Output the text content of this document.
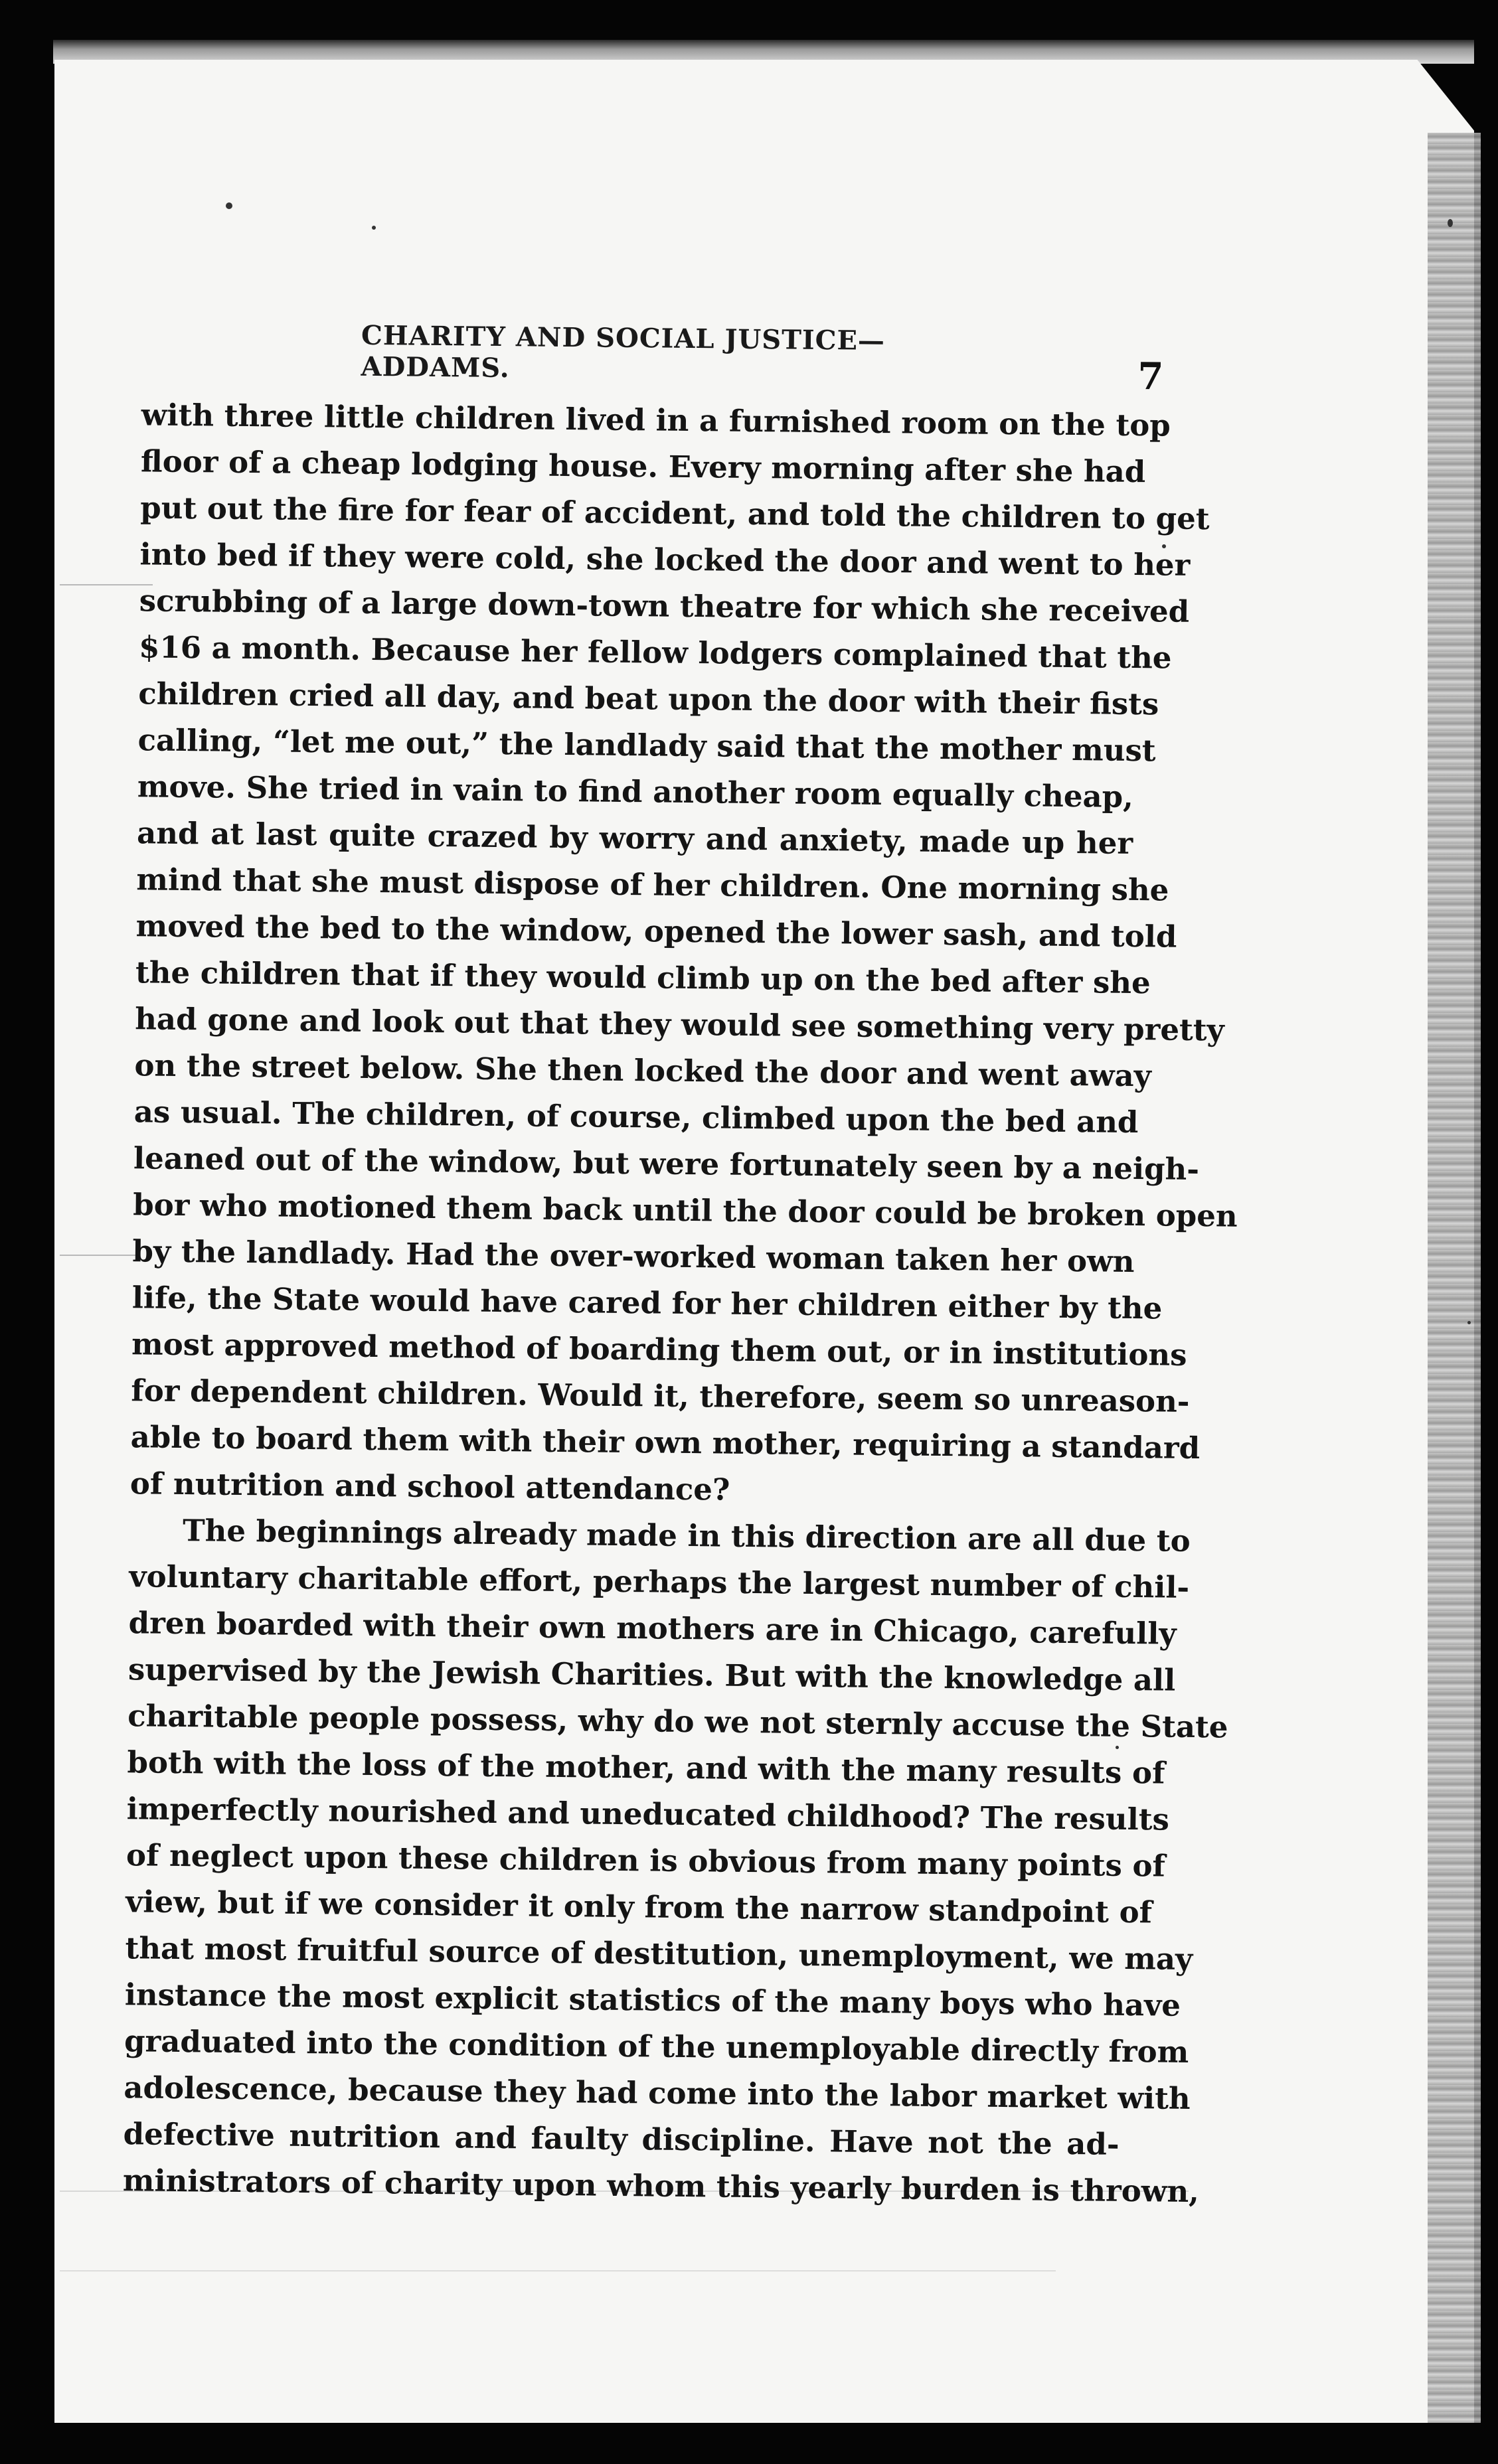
CHARITY AND SOCIAL JUSTICE—ADDAMS.	7
with three little children lived in a furnished room on the top
floor of a cheap lodging house. Every morning after she had
put out the fire for fear of accident, and told the children to get
into bed if they were cold, she locked the door and went to her
scrubbing of a large down-town theatre for which she received
$16 a month. Because her fellow lodgers complained that the
children cried all day, and beat upon the door with their fists
calling, “let me out,” the landlady said that the mother must
move. She tried in vain to find another room equally cheap,
and at last quite crazed by worry and anxiety, made up her
mind that she must dispose of her children. One morning she
moved the bed to the window, opened the lower sash, and told
the children that if they would climb up on the bed after she
had gone and look out that they would see something very pretty
on the street below. She then locked the door and went away
as usual. The children, of course, climbed upon the bed and
leaned out of the window, but were fortunately seen by a neigh-
bor who motioned them back until the door could be broken open
by the landlady. Had the over-worked woman taken her own
life, the State would have cared for her children either by the
most approved method of boarding them out, or in institutions
for dependent children. Would it, therefore, seem so unreason-
able to board them with their own mother, requiring a standard
of nutrition and school attendance?
The beginnings already made in this direction are all due to
voluntary charitable effort, perhaps the largest number of chil-
dren boarded with their own mothers are in Chicago, carefully
supervised by the Jewish Charities. But with the knowledge all
charitable people possess, why do we not sternly accuse the State
both with the loss of the mother, and with the many results of
imperfectly nourished and uneducated childhood? The results
of neglect upon these children is obvious from many points of
view, but if we consider it only from the narrow standpoint of
that most fruitful source of destitution, unemployment, we may
instance the most explicit statistics of the many boys who have
graduated into the condition of the unemployable directly from
adolescence, because they had come into the labor market with
defective nutrition and faulty discipline. Have not the ad-
ministrators of charity upon whom this yearly burden is thrown,
